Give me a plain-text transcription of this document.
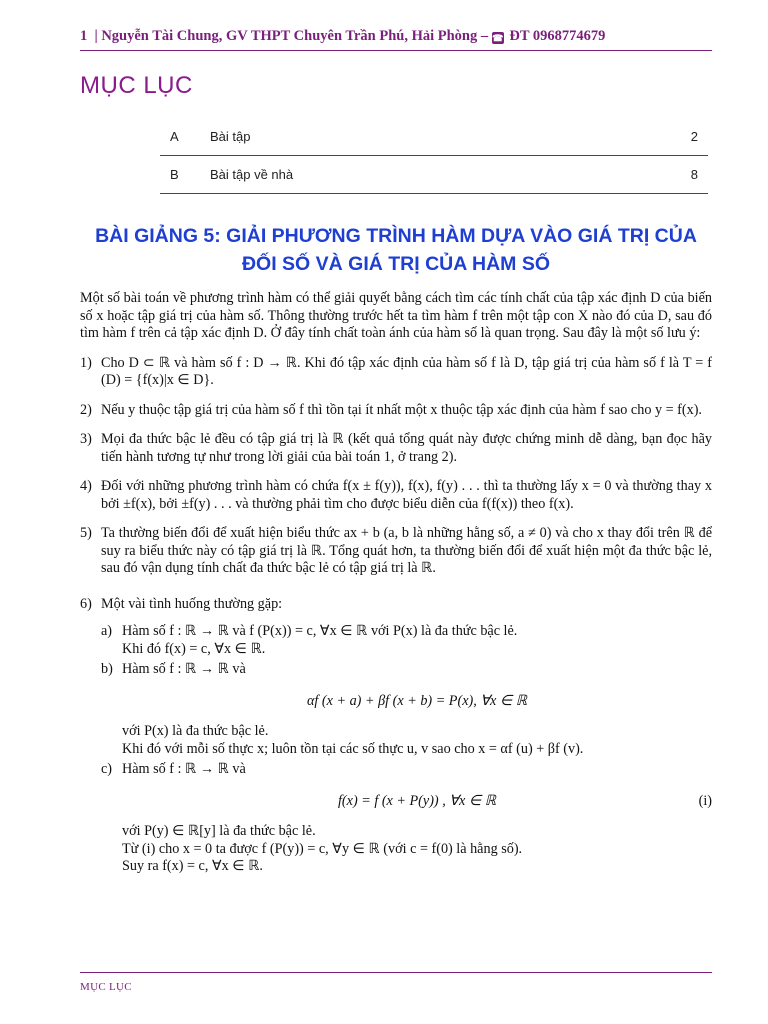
1  | Nguyễn Tài Chung, GV THPT Chuyên Trần Phú, Hải Phòng – ☎ ĐT 0968774679
MỤC LỤC
A	Bài tập	2
B	Bài tập về nhà	8
BÀI GIẢNG 5: GIẢI PHƯƠNG TRÌNH HÀM DỰA VÀO GIÁ TRỊ CỦA
ĐỐI SỐ VÀ GIÁ TRỊ CỦA HÀM SỐ

Một số bài toán về phương trình hàm có thể giải quyết bằng cách tìm các tính chất của tập xác định D của biến số x hoặc tập giá trị của hàm số. Thông thường trước hết ta tìm hàm f trên một tập con X nào đó của D, sau đó tìm hàm f trên cả tập xác định D. Ở đây tính chất toàn ánh của hàm số là quan trọng. Sau đây là một số lưu ý:

1) Cho D ⊂ ℝ và hàm số f : D → ℝ. Khi đó tập xác định của hàm số f là D, tập giá trị của hàm số f là T = f (D) = {f(x)|x ∈ D}.
2) Nếu y thuộc tập giá trị của hàm số f thì tồn tại ít nhất một x thuộc tập xác định của hàm f sao cho y = f(x).
3) Mọi đa thức bậc lẻ đều có tập giá trị là ℝ (kết quả tổng quát này được chứng minh dễ dàng, bạn đọc hãy tiến hành tương tự như trong lời giải của bài toán 1, ở trang 2).
4) Đối với những phương trình hàm có chứa f(x ± f(y)), f(x), f(y) . . . thì ta thường lấy x = 0 và thường thay x bởi ±f(x), bởi ±f(y) . . . và thường phải tìm cho được biểu diễn của f(f(x)) theo f(x).
5) Ta thường biến đổi để xuất hiện biểu thức ax + b (a, b là những hằng số, a ≠ 0) và cho x thay đổi trên ℝ để suy ra biểu thức này có tập giá trị là ℝ. Tổng quát hơn, ta thường biến đổi để xuất hiện một đa thức bậc lẻ, sau đó vận dụng tính chất đa thức bậc lẻ có tập giá trị là ℝ.
6) Một vài tình huống thường gặp:
a) Hàm số f : ℝ → ℝ và f (P(x)) = c, ∀x ∈ ℝ với P(x) là đa thức bậc lẻ.
Khi đó f(x) = c, ∀x ∈ ℝ.
b) Hàm số f : ℝ → ℝ và
αf (x + a) + βf (x + b) = P(x), ∀x ∈ ℝ
với P(x) là đa thức bậc lẻ.
Khi đó với mỗi số thực x; luôn tồn tại các số thực u, v sao cho x = αf (u) + βf (v).
c) Hàm số f : ℝ → ℝ và
f(x) = f (x + P(y)) , ∀x ∈ ℝ	(i)
với P(y) ∈ ℝ[y] là đa thức bậc lẻ.
Từ (i) cho x = 0 ta được f (P(y)) = c, ∀y ∈ ℝ (với c = f(0) là hằng số).
Suy ra f(x) = c, ∀x ∈ ℝ.
MỤC LỤC
